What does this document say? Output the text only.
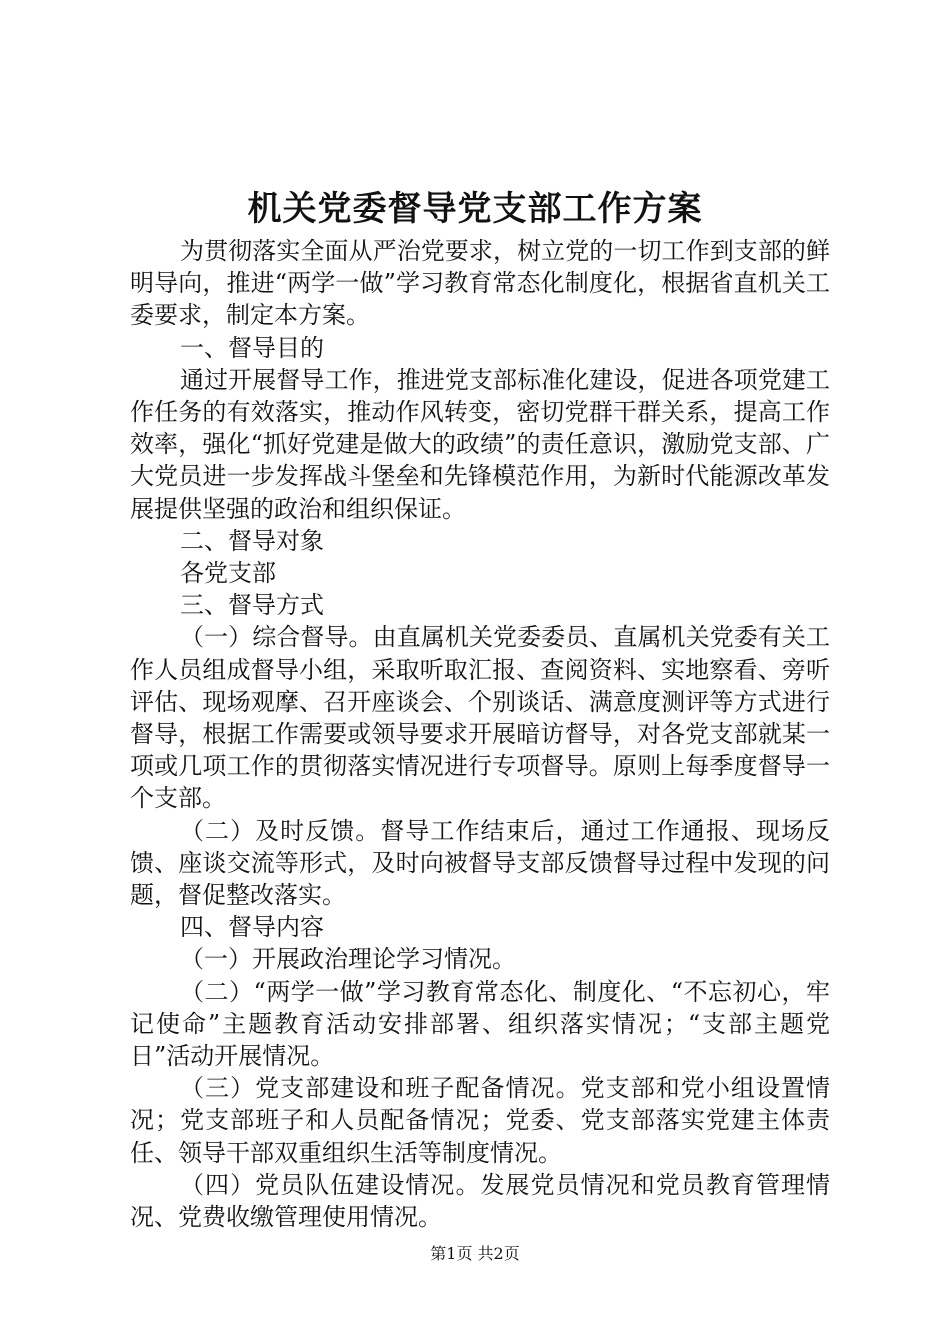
机关党委督导党支部工作方案

为贯彻落实全面从严治党要求，树立党的一切工作到支部的鲜明导向，推进“两学一做”学习教育常态化制度化，根据省直机关工委要求，制定本方案。

一、督导目的

通过开展督导工作，推进党支部标准化建设，促进各项党建工作任务的有效落实，推动作风转变，密切党群干群关系，提高工作效率，强化“抓好党建是做大的政绩”的责任意识，激励党支部、广大党员进一步发挥战斗堡垒和先锋模范作用，为新时代能源改革发展提供坚强的政治和组织保证。

二、督导对象

各党支部

三、督导方式

（一）综合督导。由直属机关党委委员、直属机关党委有关工作人员组成督导小组，采取听取汇报、查阅资料、实地察看、旁听评估、现场观摩、召开座谈会、个别谈话、满意度测评等方式进行督导，根据工作需要或领导要求开展暗访督导，对各党支部就某一项或几项工作的贯彻落实情况进行专项督导。原则上每季度督导一个支部。

（二）及时反馈。督导工作结束后，通过工作通报、现场反馈、座谈交流等形式，及时向被督导支部反馈督导过程中发现的问题，督促整改落实。

四、督导内容

（一）开展政治理论学习情况。

（二）“两学一做”学习教育常态化、制度化、“不忘初心，牢记使命”主题教育活动安排部署、组织落实情况；“支部主题党日”活动开展情况。

（三）党支部建设和班子配备情况。党支部和党小组设置情况；党支部班子和人员配备情况；党委、党支部落实党建主体责任、领导干部双重组织生活等制度情况。

（四）党员队伍建设情况。发展党员情况和党员教育管理情况、党费收缴管理使用情况。

第1页 共2页
